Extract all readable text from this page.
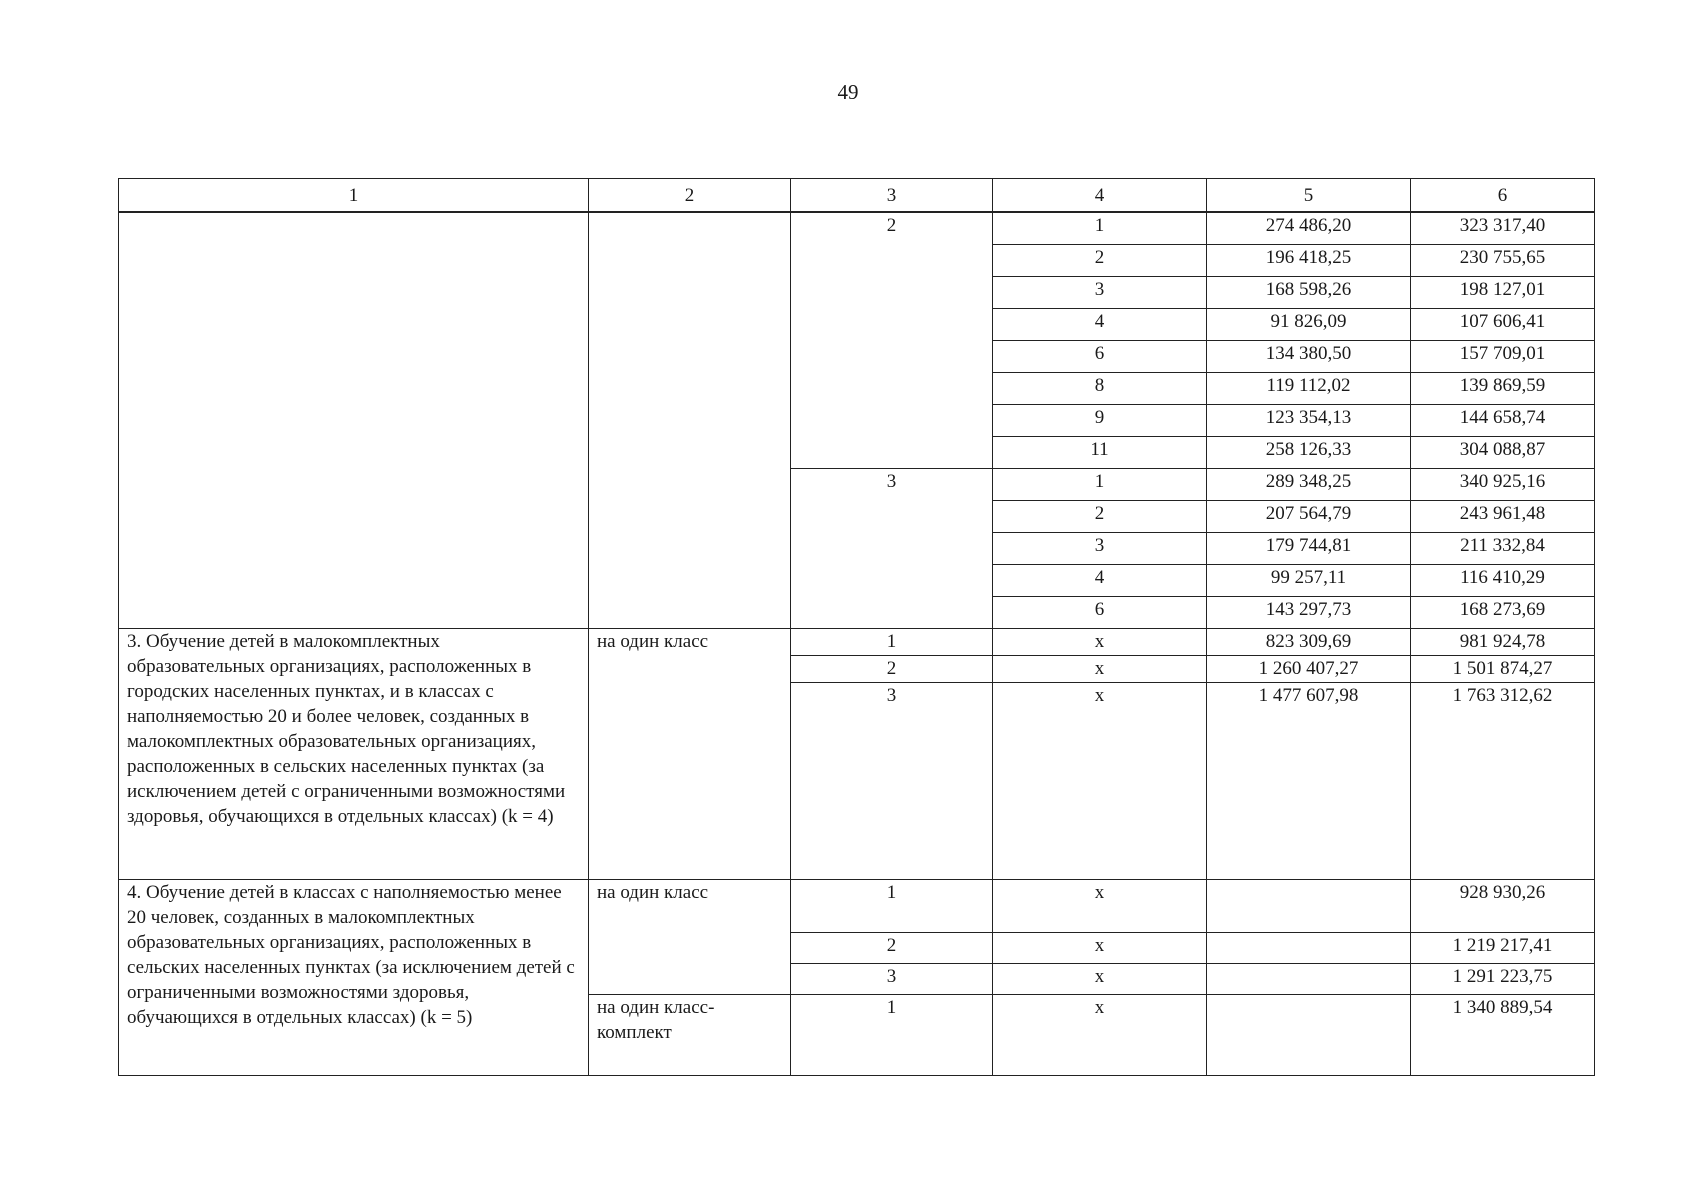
49
1	2	3	4	5	6
		2	1	274 486,20	323 317,40
			2	196 418,25	230 755,65
			3	168 598,26	198 127,01
			4	91 826,09	107 606,41
			6	134 380,50	157 709,01
			8	119 112,02	139 869,59
			9	123 354,13	144 658,74
			11	258 126,33	304 088,87
		3	1	289 348,25	340 925,16
			2	207 564,79	243 961,48
			3	179 744,81	211 332,84
			4	99 257,11	116 410,29
			6	143 297,73	168 273,69
3. Обучение детей в малокомплектных образовательных организациях, расположенных в городских населенных пунктах, и в классах с наполняемостью 20 и более человек, созданных в малокомплектных образовательных организациях, расположенных в сельских населенных пунктах (за исключением детей с ограниченными возможностями здоровья, обучающихся в отдельных классах) (k = 4)	на один класс	1	x	823 309,69	981 924,78
		2	x	1 260 407,27	1 501 874,27
		3	x	1 477 607,98	1 763 312,62
4. Обучение детей в классах с наполняемостью менее 20 человек, созданных в малокомплектных образовательных организациях, расположенных в сельских населенных пунктах (за исключением детей с ограниченными возможностями здоровья, обучающихся в отдельных классах) (k = 5)	на один класс	1	x		928 930,26
		2	x		1 219 217,41
		3	x		1 291 223,75
	на один класс-комплект	1	x		1 340 889,54
